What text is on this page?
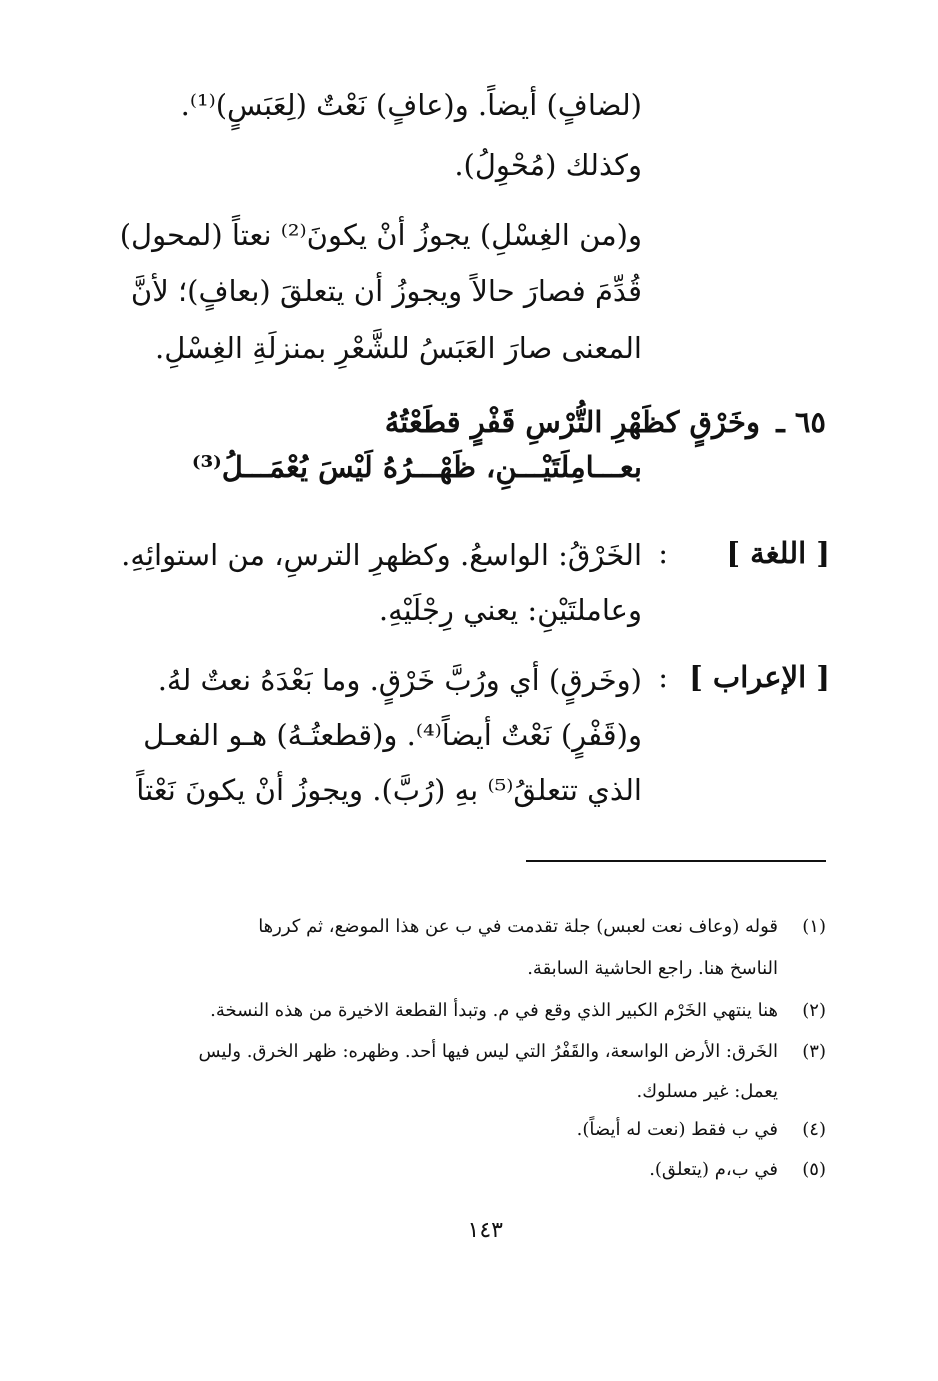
(لضافٍ) أيضاً. و(عافٍ) نَعْتٌ (لِعَبَسٍ)⁽¹⁾.
وكذلك (مُحْوِلُ).
و(من الغِسْلِ) يجوزُ أنْ يكونَ⁽²⁾ نعتاً (لمحول)
قُدِّمَ فصارَ حالاً ويجوزُ أن يتعلقَ (بعافٍ)؛ لأنَّ
المعنى صارَ العَبَسُ للشَّعْرِ بمنزلَةِ الغِسْلِ.
٦٥ ـ
وخَرْقٍ كظَهْرِ التُّرْسِ قَفْرٍ قطَعْتُهُ
بعـــامِلَتَيْـــنِ، ظَهْـــرُهُ لَيْسَ يُعْمَـــلُ⁽³⁾
[ اللغة ]
:
الخَرْقُ: الواسعُ. وكظهرِ الترسِ، من استوائِهِ.
وعاملتَيْنِ: يعني رِجْلَيْهِ.
[ الإعراب ]
:
(وخَرقٍ) أي ورُبَّ خَرْقٍ. وما بَعْدَهُ نعتٌ لهُ.
و(قَفْرٍ) نَعْتٌ أيضاً⁽⁴⁾. و(قطعتُـهُ) هـو الفعـل
الذي تتعلقُ⁽⁵⁾ بهِ (رُبَّ). ويجوزُ أنْ يكونَ نَعْتاً
(١)
قوله (وعاف نعت لعبس) جلة تقدمت في ب عن هذا الموضع، ثم كررها
الناسخ هنا. راجع الحاشية السابقة.
(٢)
هنا ينتهي الخَرْم الكبير الذي وقع في م. وتبدأ القطعة الاخيرة من هذه النسخة.
(٣)
الخَرق: الأرض الواسعة، والقَفْرُ التي ليس فيها أحد. وظهره: ظهر الخرق. وليس
يعمل: غير مسلوك.
(٤)
في ب فقط (نعت له أيضاً).
(٥)
في ب،م (يتعلق).
١٤٣
